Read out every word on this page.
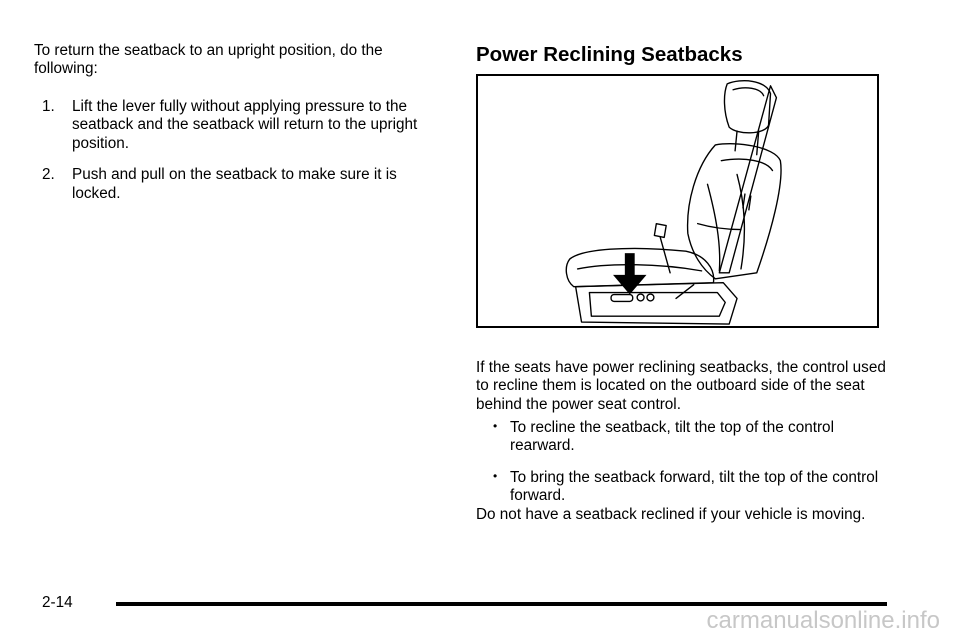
To return the seatback to an upright position, do the following:

1. Lift the lever fully without applying pressure to the seatback and the seatback will return to the upright position.
2. Push and pull on the seatback to make sure it is locked.
Power Reclining Seatbacks

If the seats have power reclining seatbacks, the control used to recline them is located on the outboard side of the seat behind the power seat control.

• To recline the seatback, tilt the top of the control rearward.
• To bring the seatback forward, tilt the top of the control forward.

Do not have a seatback reclined if your vehicle is moving.

2-14
carmanualsonline.info
